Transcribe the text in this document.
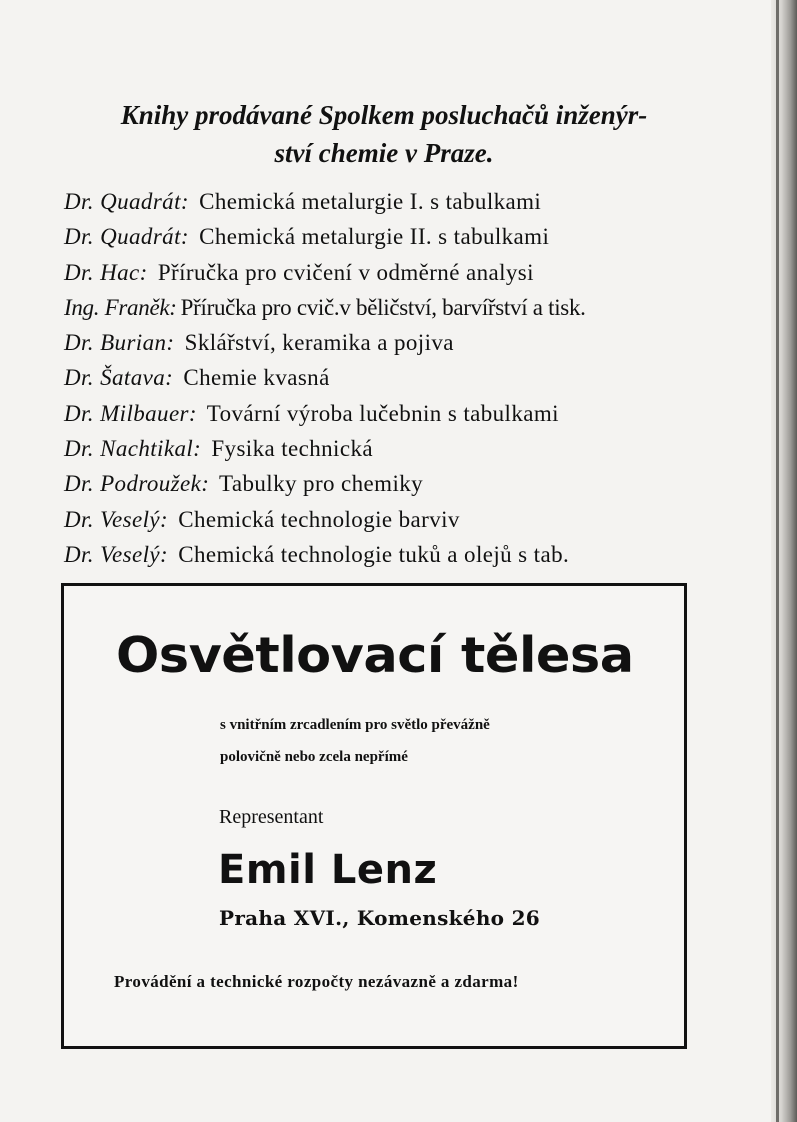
Knihy prodávané Spolkem posluchačů inženýr-
ství chemie v Praze.
Dr. Quadrát: Chemická metalurgie I. s tabulkami
Dr. Quadrát: Chemická metalurgie II. s tabulkami
Dr. Hac: Příručka pro cvičení v odměrné analysi
Ing. Franěk: Příručka pro cvič.v běličství, barvířství a tisk.
Dr. Burian: Sklářství, keramika a pojiva
Dr. Šatava: Chemie kvasná
Dr. Milbauer: Tovární výroba lučebnin s tabulkami
Dr. Nachtikal: Fysika technická
Dr. Podroužek: Tabulky pro chemiky
Dr. Veselý: Chemická technologie barviv
Dr. Veselý: Chemická technologie tuků a olejů s tab.
Osvětlovací tělesa

s vnitřním zrcadlením pro světlo převážně
polovičně nebo zcela nepřímé

Representant

Emil Lenz

Praha XVI., Komenského 26

Provádění a technické rozpočty nezávazně a zdarma!
